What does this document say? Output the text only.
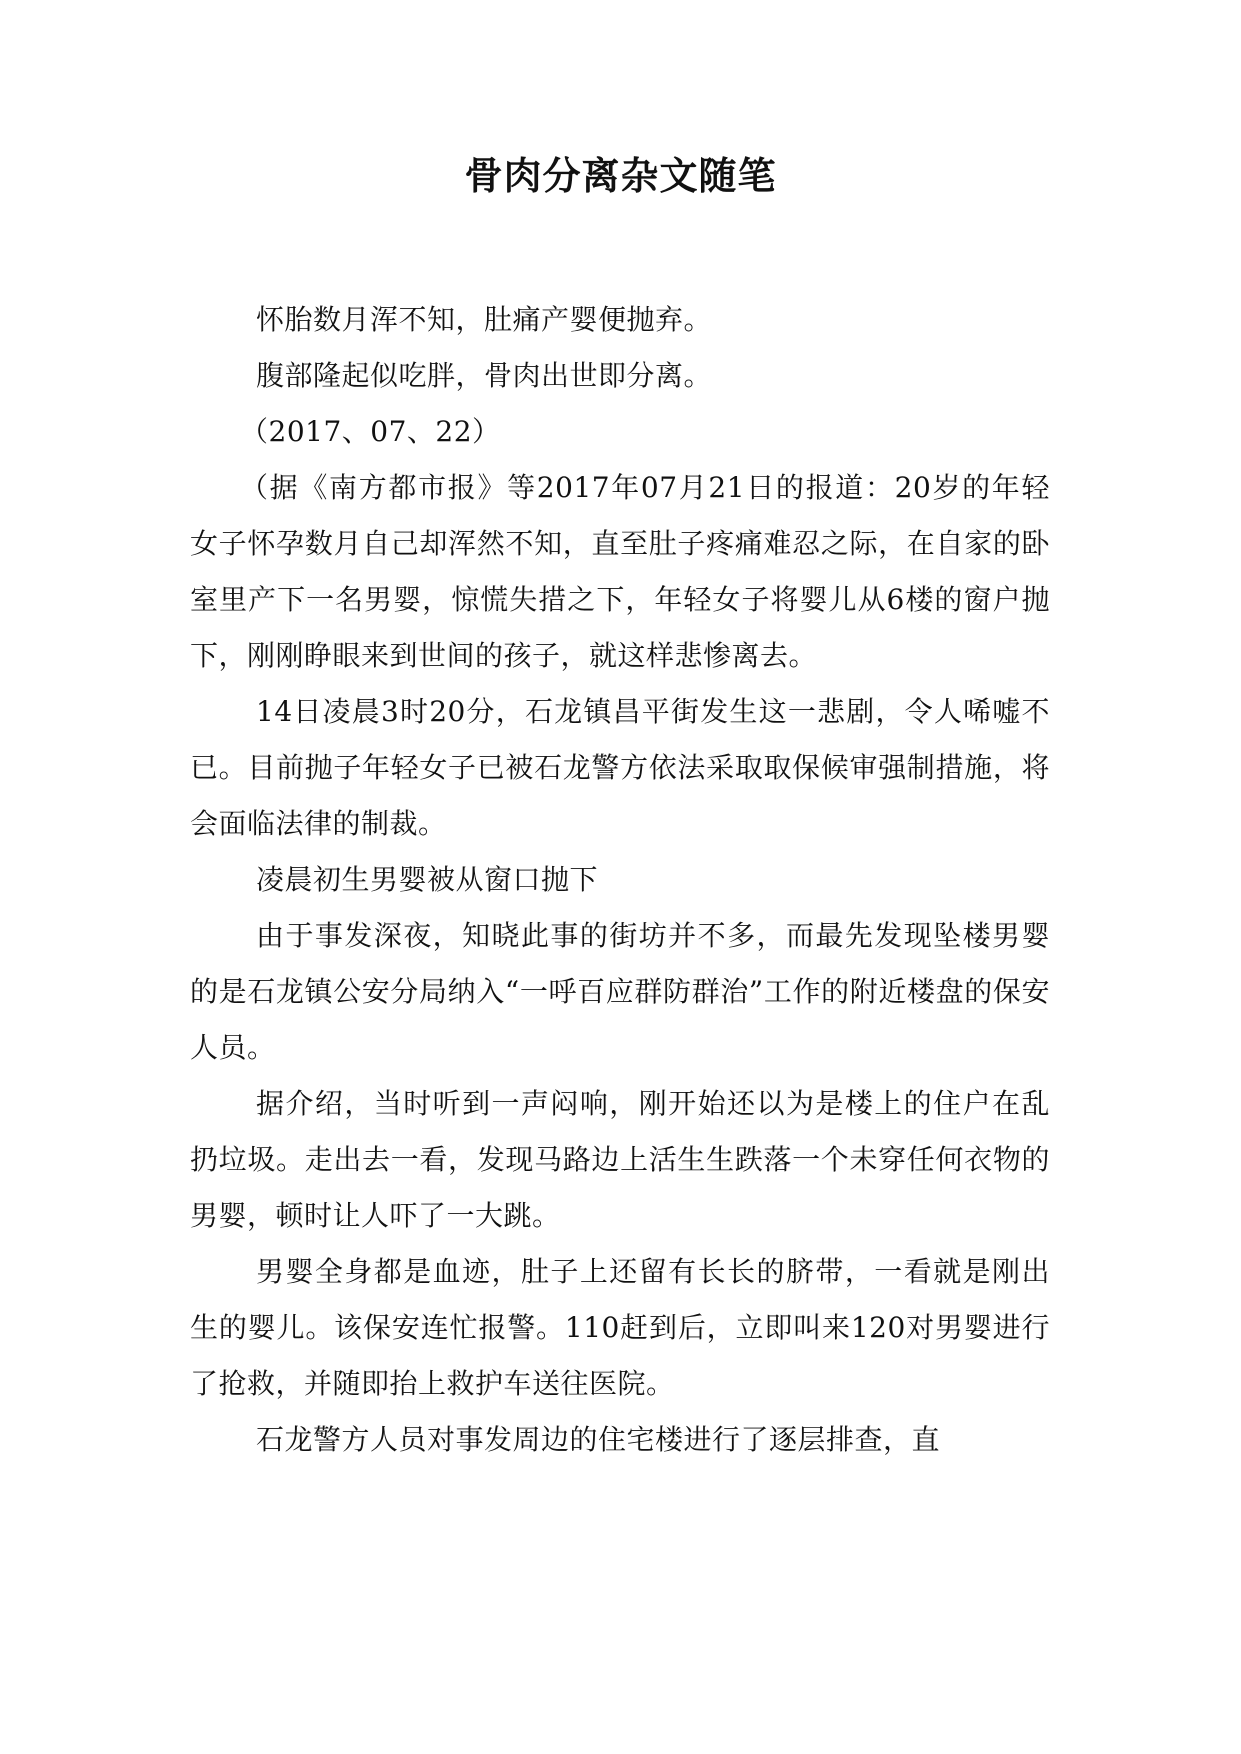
骨肉分离杂文随笔

怀胎数月浑不知，肚痛产婴便抛弃。

腹部隆起似吃胖，骨肉出世即分离。

（2017、07、22）

（据《南方都市报》等2017年07月21日的报道：20岁的年轻女子怀孕数月自己却浑然不知，直至肚子疼痛难忍之际，在自家的卧室里产下一名男婴，惊慌失措之下，年轻女子将婴儿从6楼的窗户抛下，刚刚睁眼来到世间的孩子，就这样悲惨离去。

14日凌晨3时20分，石龙镇昌平街发生这一悲剧，令人唏嘘不已。目前抛子年轻女子已被石龙警方依法采取取保候审强制措施，将会面临法律的制裁。

凌晨初生男婴被从窗口抛下

由于事发深夜，知晓此事的街坊并不多，而最先发现坠楼男婴的是石龙镇公安分局纳入“一呼百应群防群治”工作的附近楼盘的保安人员。

据介绍，当时听到一声闷响，刚开始还以为是楼上的住户在乱扔垃圾。走出去一看，发现马路边上活生生跌落一个未穿任何衣物的男婴，顿时让人吓了一大跳。

男婴全身都是血迹，肚子上还留有长长的脐带，一看就是刚出生的婴儿。该保安连忙报警。110赶到后，立即叫来120对男婴进行了抢救，并随即抬上救护车送往医院。

石龙警方人员对事发周边的住宅楼进行了逐层排查，直
